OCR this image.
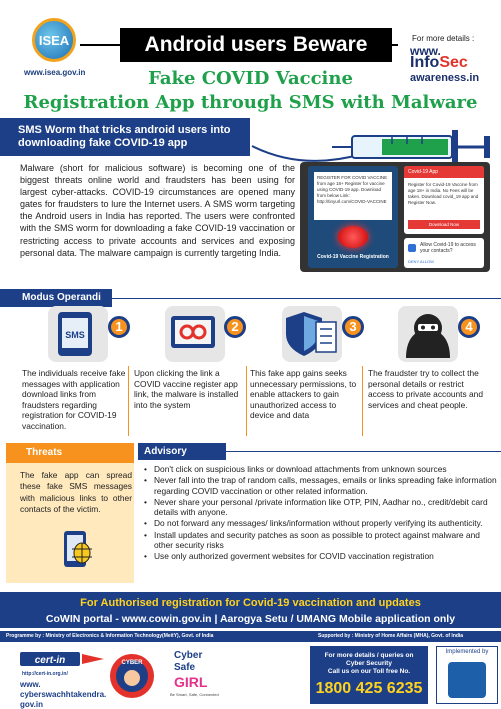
ISEA
www.isea.gov.in
Android users Beware	For more details :
www.
InfoSec
awareness.in
Fake COVID Vaccine
Registration App through SMS with Malware
SMS Worm that tricks android users into downloading fake COVID-19 app
Malware (short for malicious software) is becoming one of the biggest threats online world and fraudsters has been using for largest cyber-attacks. COVID-19 circumstances are opened many gates for fraudsters to lure the Internet users. A SMS worm targeting the Android users in India has reported. The users were confronted with the SMS worm for downloading a fake COVID-19 vaccination or restricting access to private accounts and services and exposing personal data. The malware campaign is currently targeting India.
REGISTER FOR COVID VACCINE from age 18+ Register for vaccine using COVID-19 app. Download from below Link: http://tinyurl.com/COVID-VACCINE
Covid-19 Vaccine Registration
Covid-19 App
Register for Covid-19 Vaccine from age 18+ in India. No Fees will be taken. Download covid_19 app and Register Now.
Download Now
Allow Covid-19 to access your contacts?
DENY ALLOW
Modus Operandi
SMS
1
The individuals receive fake messages with application download links from fraudsters regarding registration for COVID-19 vaccination.
2
Upon clicking the link a COVID vaccine register app link, the malware is installed into the system
3
This fake app gains seeks unnecessary permissions, to enable attackers to gain unauthorized access to device and data
4
The fraudster try to collect the personal details or restrict access to private accounts and services and cheat people.
Threats
The fake app can spread these fake SMS messages with malicious links to other contacts of the victim.
Advisory
• Don't click on suspicious links or download attachments from unknown sources
• Never fall into the trap of random calls, messages, emails or links spreading fake information regarding COVID vaccination or other related information.
• Never share your personal /private information like OTP, PIN, Aadhar no., credit/debit card details with anyone.
• Do not forward any messages/ links/information without properly verifying its authenticity.
• Install updates and security patches as soon as possible to protect against malware and other security risks
• Use only authorized goverment websites for COVID vaccination registration
For Authorised registration for Covid-19 vaccination and updates
CoWIN portal - www.cowin.gov.in | Aarogya Setu / UMANG Mobile application only
Programme by : Ministry of Electronics & Information Technology(MeitY), Govt. of India	Supported by : Ministry of Home Affairs (MHA), Govt. of India
cert-in
http://cert-in.org.in/
www.
cyberswachhtakendra.
gov.in
CYBER
Cyber
Safe
GIRL
Be Smart, Safe, Connected
For more details / queries on
Cyber Security
Call us on our Toll free No.
1800 425 6235
Implemented by
